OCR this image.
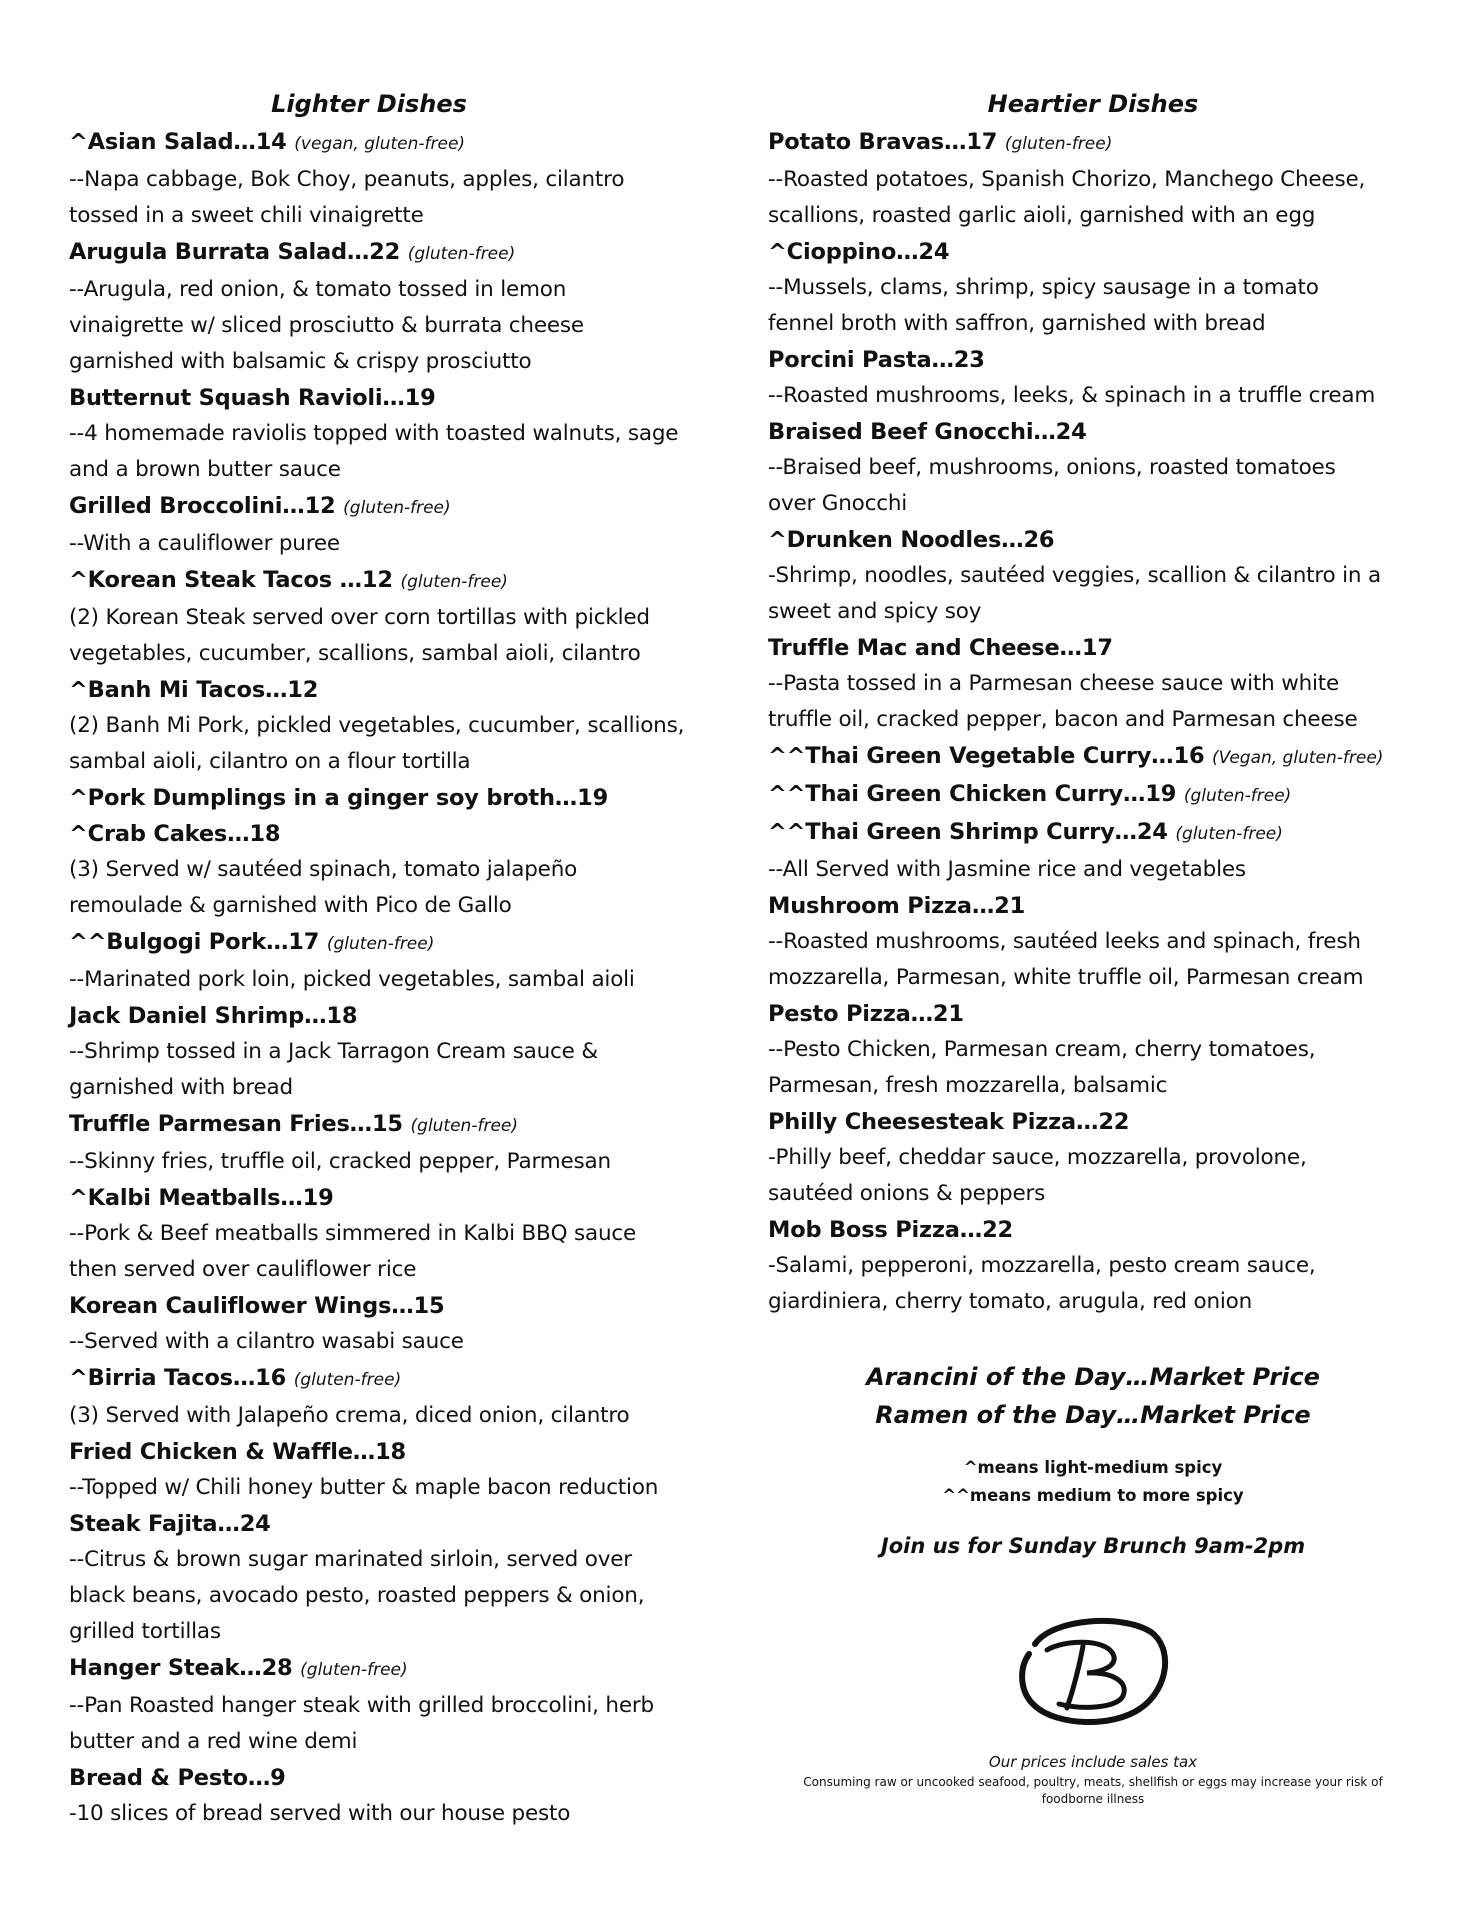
Lighter Dishes
^Asian Salad…14 (vegan, gluten-free)
--Napa cabbage, Bok Choy, peanuts, apples, cilantro
tossed in a sweet chili vinaigrette
Arugula Burrata Salad…22 (gluten-free)
--Arugula, red onion, & tomato tossed in lemon
vinaigrette w/ sliced prosciutto & burrata cheese
garnished with balsamic & crispy prosciutto
Butternut Squash Ravioli…19
--4 homemade raviolis topped with toasted walnuts, sage
and a brown butter sauce
Grilled Broccolini…12 (gluten-free)
--With a cauliflower puree
^Korean Steak Tacos …12 (gluten-free)
(2) Korean Steak served over corn tortillas with pickled
vegetables, cucumber, scallions, sambal aioli, cilantro
^Banh Mi Tacos…12
(2) Banh Mi Pork, pickled vegetables, cucumber, scallions,
sambal aioli, cilantro on a flour tortilla
^Pork Dumplings in a ginger soy broth…19
^Crab Cakes…18
(3) Served w/ sautéed spinach, tomato jalapeño
remoulade & garnished with Pico de Gallo
^^Bulgogi Pork…17 (gluten-free)
--Marinated pork loin, picked vegetables, sambal aioli
Jack Daniel Shrimp…18
--Shrimp tossed in a Jack Tarragon Cream sauce &
garnished with bread
Truffle Parmesan Fries…15 (gluten-free)
--Skinny fries, truffle oil, cracked pepper, Parmesan
^Kalbi Meatballs…19
--Pork & Beef meatballs simmered in Kalbi BBQ sauce
then served over cauliflower rice
Korean Cauliflower Wings…15
--Served with a cilantro wasabi sauce
^Birria Tacos…16 (gluten-free)
(3) Served with Jalapeño crema, diced onion, cilantro
Fried Chicken & Waffle…18
--Topped w/ Chili honey butter & maple bacon reduction
Steak Fajita…24
--Citrus & brown sugar marinated sirloin, served over
black beans, avocado pesto, roasted peppers & onion,
grilled tortillas
Hanger Steak…28 (gluten-free)
--Pan Roasted hanger steak with grilled broccolini, herb
butter and a red wine demi
Bread & Pesto…9
-10 slices of bread served with our house pesto
Heartier Dishes
Potato Bravas…17 (gluten-free)
--Roasted potatoes, Spanish Chorizo, Manchego Cheese,
scallions, roasted garlic aioli, garnished with an egg
^Cioppino…24
--Mussels, clams, shrimp, spicy sausage in a tomato
fennel broth with saffron, garnished with bread
Porcini Pasta…23
--Roasted mushrooms, leeks, & spinach in a truffle cream
Braised Beef Gnocchi…24
--Braised beef, mushrooms, onions, roasted tomatoes
over Gnocchi
^Drunken Noodles…26
-Shrimp, noodles, sautéed veggies, scallion & cilantro in a
sweet and spicy soy
Truffle Mac and Cheese…17
--Pasta tossed in a Parmesan cheese sauce with white
truffle oil, cracked pepper, bacon and Parmesan cheese
^^Thai Green Vegetable Curry…16 (Vegan, gluten-free)
^^Thai Green Chicken Curry…19 (gluten-free)
^^Thai Green Shrimp Curry…24 (gluten-free)
--All Served with Jasmine rice and vegetables
Mushroom Pizza…21
--Roasted mushrooms, sautéed leeks and spinach, fresh
mozzarella, Parmesan, white truffle oil, Parmesan cream
Pesto Pizza…21
--Pesto Chicken, Parmesan cream, cherry tomatoes,
Parmesan, fresh mozzarella, balsamic
Philly Cheesesteak Pizza…22
-Philly beef, cheddar sauce, mozzarella, provolone,
sautéed onions & peppers
Mob Boss Pizza…22
-Salami, pepperoni, mozzarella, pesto cream sauce,
giardiniera, cherry tomato, arugula, red onion
Arancini of the Day…Market Price
Ramen of the Day…Market Price
^means light-medium spicy
^^means medium to more spicy
Join us for Sunday Brunch 9am-2pm
Our prices include sales tax
Consuming raw or uncooked seafood, poultry, meats, shellfish or eggs may increase your risk of foodborne illness
